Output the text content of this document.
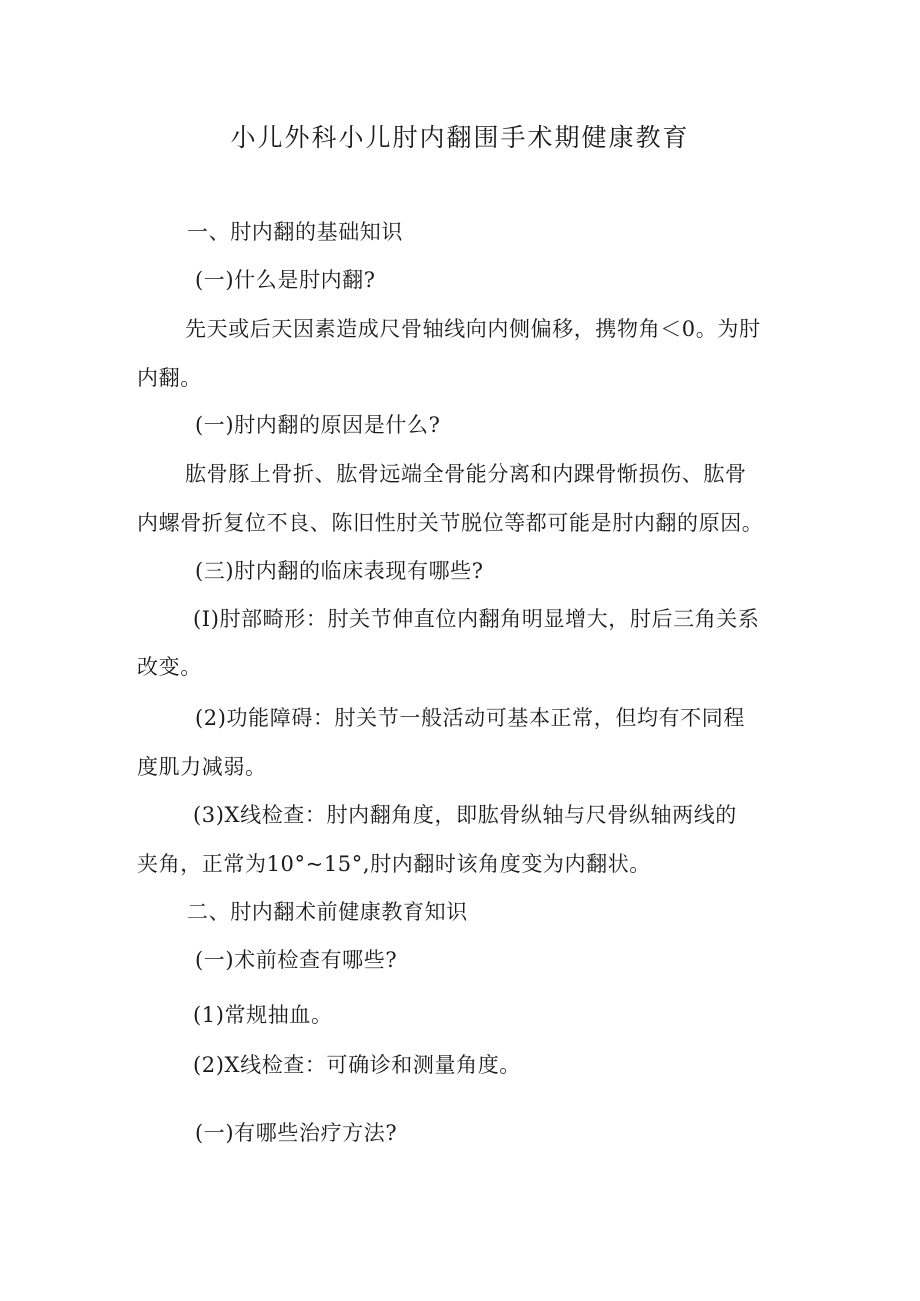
小儿外科小儿肘内翻围手术期健康教育
一、肘内翻的基础知识
(一)什么是肘内翻?
先天或后天因素造成尺骨轴线向内侧偏移，携物角＜0。为肘
内翻。
(一)肘内翻的原因是什么?
肱骨豚上骨折、肱骨远端全骨能分离和内踝骨惭损伤、肱骨
内螺骨折复位不良、陈旧性肘关节脱位等都可能是肘内翻的原因。
(三)肘内翻的临床表现有哪些?
(I)肘部畸形：肘关节伸直位内翻角明显增大，肘后三角关系
改变。
(2)功能障碍：肘关节一般活动可基本正常，但均有不同程
度肌力减弱。
(3)X线检查：肘内翻角度，即肱骨纵轴与尺骨纵轴两线的
夹角，正常为10°~15°,肘内翻时该角度变为内翻状。
二、肘内翻术前健康教育知识
(一)术前检查有哪些?
(1)常规抽血。
(2)X线检查：可确诊和测量角度。
(一)有哪些治疗方法?
